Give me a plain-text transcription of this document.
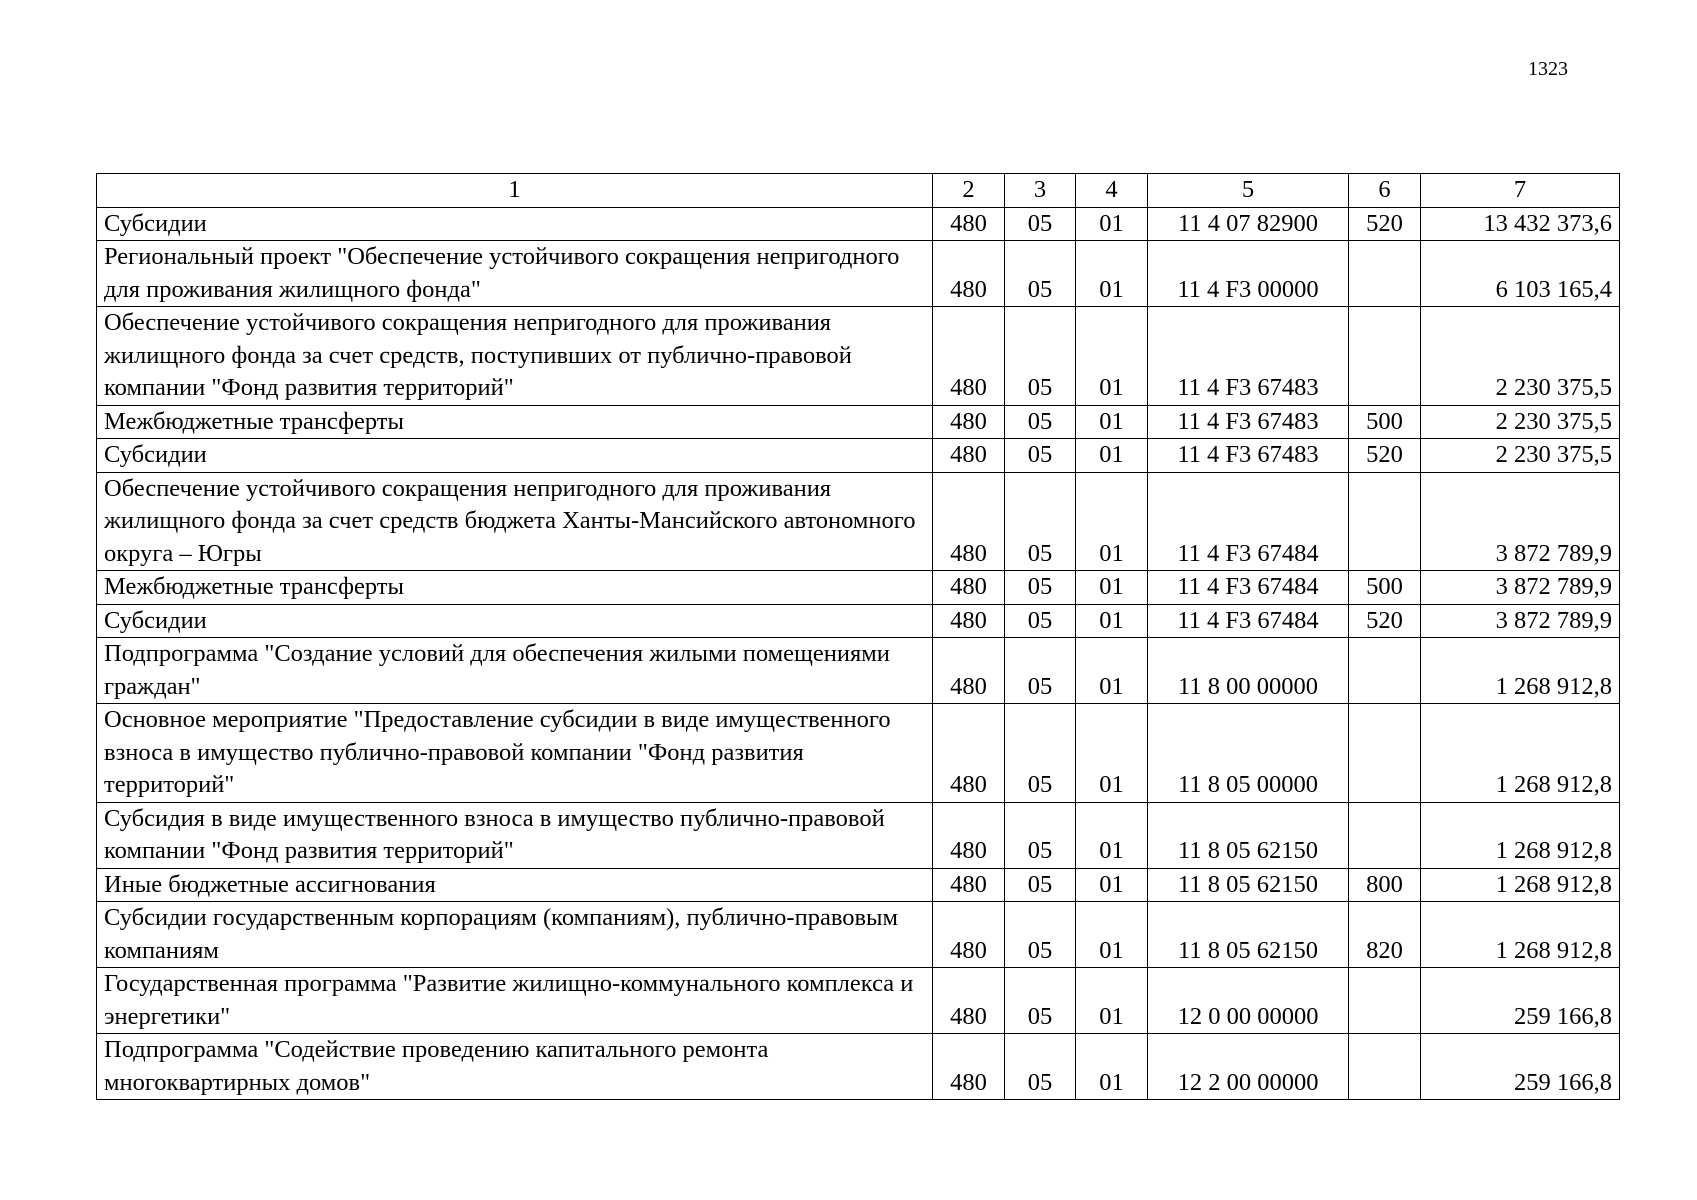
1323
1	2	3	4	5	6	7
Субсидии	480	05	01	11 4 07 82900	520	13 432 373,6
Региональный проект "Обеспечение устойчивого сокращения непригодного для проживания жилищного фонда"	480	05	01	11 4 F3 00000		6 103 165,4
Обеспечение устойчивого сокращения непригодного для проживания жилищного фонда за счет средств, поступивших от публично-правовой компании "Фонд развития территорий"	480	05	01	11 4 F3 67483		2 230 375,5
Межбюджетные трансферты	480	05	01	11 4 F3 67483	500	2 230 375,5
Субсидии	480	05	01	11 4 F3 67483	520	2 230 375,5
Обеспечение устойчивого сокращения непригодного для проживания жилищного фонда за счет средств бюджета Ханты-Мансийского автономного округа – Югры	480	05	01	11 4 F3 67484		3 872 789,9
Межбюджетные трансферты	480	05	01	11 4 F3 67484	500	3 872 789,9
Субсидии	480	05	01	11 4 F3 67484	520	3 872 789,9
Подпрограмма "Создание условий для обеспечения жилыми помещениями граждан"	480	05	01	11 8 00 00000		1 268 912,8
Основное мероприятие "Предоставление субсидии в виде имущественного взноса в имущество публично-правовой компании "Фонд развития территорий"	480	05	01	11 8 05 00000		1 268 912,8
Субсидия в виде имущественного взноса в имущество публично-правовой компании "Фонд развития территорий"	480	05	01	11 8 05 62150		1 268 912,8
Иные бюджетные ассигнования	480	05	01	11 8 05 62150	800	1 268 912,8
Субсидии государственным корпорациям (компаниям), публично-правовым компаниям	480	05	01	11 8 05 62150	820	1 268 912,8
Государственная программа "Развитие жилищно-коммунального комплекса и энергетики"	480	05	01	12 0 00 00000		259 166,8
Подпрограмма "Содействие проведению капитального ремонта многоквартирных домов"	480	05	01	12 2 00 00000		259 166,8
